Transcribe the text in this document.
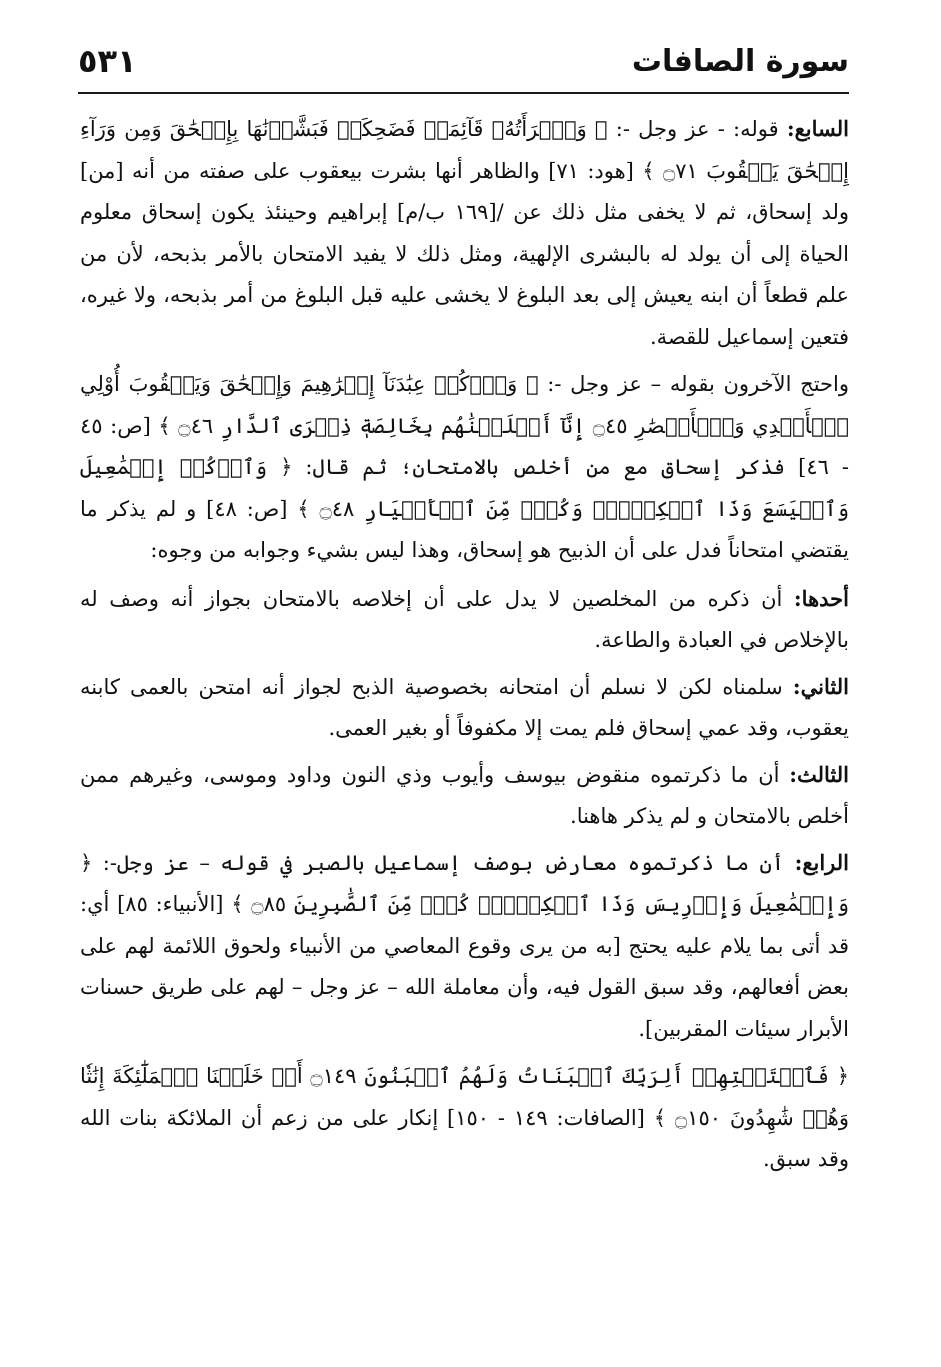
سورة الصافات
٥٣١

السابع: قوله: - عز وجل -: ﴿ وَٱمۡرَأَتُهُۥ قَآئِمَةٞ فَضَحِكَتۡ فَبَشَّرۡنَٰهَا بِإِسۡحَٰقَ وَمِن وَرَآءِ إِسۡحَٰقَ يَعۡقُوبَ ۝٧١ ﴾ [هود: ٧١] والظاهر أنها بشرت بيعقوب على صفته من أنه [من] ولد إسحاق، ثم لا يخفى مثل ذلك عن /[١٦٩ ب/م] إبراهيم وحينئذ يكون إسحاق معلوم الحياة إلى أن يولد له بالبشرى الإلهية، ومثل ذلك لا يفيد الامتحان بالأمر بذبحه، لأن من علم قطعاً أن ابنه يعيش إلى بعد البلوغ لا يخشى عليه قبل البلوغ من أمر بذبحه، ولا غيره، فتعين إسماعيل للقصة.

واحتج الآخرون بقوله – عز وجل -: ﴿ وَٱذۡكُرۡ عِبَٰدَنَآ إِبۡرَٰهِيمَ وَإِسۡحَٰقَ وَيَعۡقُوبَ أُوْلِي ٱلۡأَيۡدِي وَٱلۡأَبۡصَٰرِ ۝٤٥ إِنَّآ أَخۡلَصۡنَٰهُم بِخَالِصَةٖ ذِكۡرَى ٱلدَّارِ ۝٤٦ ﴾ [ص: ٤٥ - ٤٦] فذكر إسحاق مع من أخلص بالامتحان؛ ثم قال: ﴿ وَٱذۡكُرۡ إِسۡمَٰعِيلَ وَٱلۡيَسَعَ وَذَا ٱلۡكِفۡلِۖ وَكُلّٞ مِّنَ ٱلۡأَخۡيَارِ ۝٤٨ ﴾ [ص: ٤٨] و لم يذكر ما يقتضي امتحاناً فدل على أن الذبيح هو إسحاق، وهذا ليس بشيء وجوابه من وجوه:

أحدها: أن ذكره من المخلصين لا يدل على أن إخلاصه بالامتحان بجواز أنه وصف له بالإخلاص في العبادة والطاعة.

الثاني: سلمناه لكن لا نسلم أن امتحانه بخصوصية الذبح لجواز أنه امتحن بالعمى كابنه يعقوب، وقد عمي إسحاق فلم يمت إلا مكفوفاً أو بغير العمى.

الثالث: أن ما ذكرتموه منقوض بيوسف وأيوب وذي النون وداود وموسى، وغيرهم ممن أخلص بالامتحان و لم يذكر هاهنا.

الرابع: أن ما ذكرتموه معارض بوصف إسماعيل بالصبر في قوله – عز وجل-: ﴿ وَإِسۡمَٰعِيلَ وَإِدۡرِيسَ وَذَا ٱلۡكِفۡلِۖ كُلّٞ مِّنَ ٱلصَّٰبِرِينَ ۝٨٥ ﴾ [الأنبياء: ٨٥] أي: قد أتى بما يلام عليه يحتج [به من يرى وقوع المعاصي من الأنبياء ولحوق اللائمة لهم على بعض أفعالهم، وقد سبق القول فيه، وأن معاملة الله – عز وجل – لهم على طريق حسنات الأبرار سيئات المقربين].

﴿ فَٱسۡتَفۡتِهِمۡ أَلِرَبِّكَ ٱلۡبَنَاتُ وَلَهُمُ ٱلۡبَنُونَ ۝١٤٩ أَمۡ خَلَقۡنَا ٱلۡمَلَٰٓئِكَةَ إِنَٰثٗا وَهُمۡ شَٰهِدُونَ ۝١٥٠ ﴾ [الصافات: ١٤٩ - ١٥٠] إنكار على من زعم أن الملائكة بنات الله وقد سبق.
